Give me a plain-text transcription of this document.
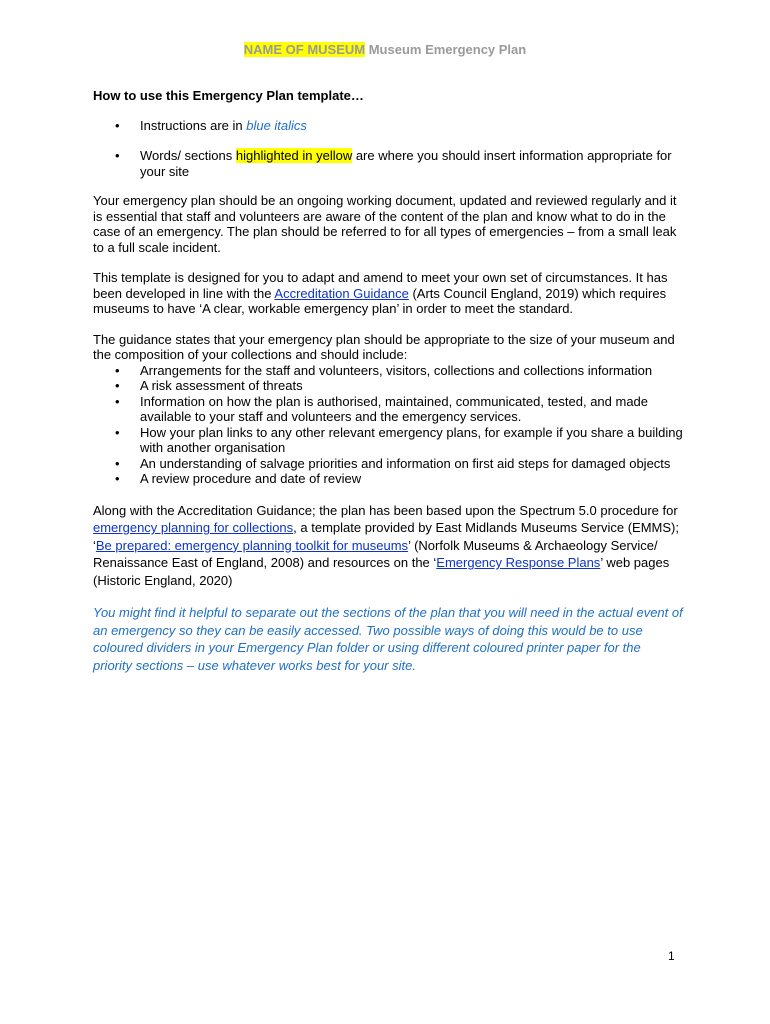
NAME OF MUSEUM Museum Emergency Plan
How to use this Emergency Plan template…
• Instructions are in blue italics
• Words/ sections highlighted in yellow are where you should insert information appropriate for your site

Your emergency plan should be an ongoing working document, updated and reviewed regularly and it is essential that staff and volunteers are aware of the content of the plan and know what to do in the case of an emergency. The plan should be referred to for all types of emergencies – from a small leak to a full scale incident.

This template is designed for you to adapt and amend to meet your own set of circumstances. It has been developed in line with the Accreditation Guidance (Arts Council England, 2019) which requires museums to have ‘A clear, workable emergency plan’ in order to meet the standard.

The guidance states that your emergency plan should be appropriate to the size of your museum and the composition of your collections and should include:

• Arrangements for the staff and volunteers, visitors, collections and collections information
• A risk assessment of threats
• Information on how the plan is authorised, maintained, communicated, tested, and made available to your staff and volunteers and the emergency services.
• How your plan links to any other relevant emergency plans, for example if you share a building with another organisation
• An understanding of salvage priorities and information on first aid steps for damaged objects
• A review procedure and date of review

Along with the Accreditation Guidance; the plan has been based upon the Spectrum 5.0 procedure for emergency planning for collections, a template provided by East Midlands Museums Service (EMMS); ‘Be prepared: emergency planning toolkit for museums’ (Norfolk Museums & Archaeology Service/ Renaissance East of England, 2008) and resources on the ‘Emergency Response Plans’ web pages (Historic England, 2020)

You might find it helpful to separate out the sections of the plan that you will need in the actual event of an emergency so they can be easily accessed. Two possible ways of doing this would be to use coloured dividers in your Emergency Plan folder or using different coloured printer paper for the priority sections – use whatever works best for your site.

1
